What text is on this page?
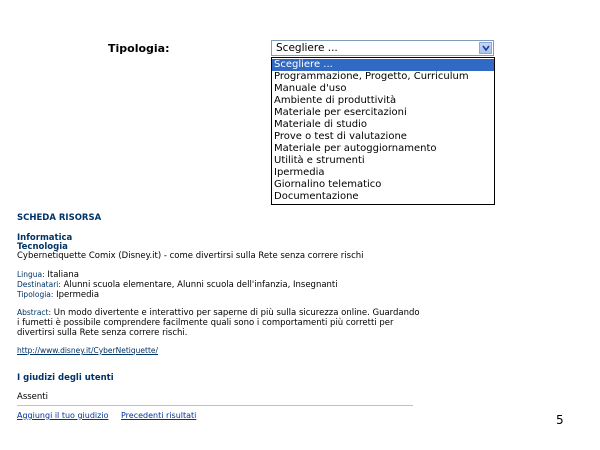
Tipologia:	Scegliere ...
Scegliere ...
Programmazione, Progetto, Curriculum
Manuale d'uso
Ambiente di produttività
Materiale per esercitazioni
Materiale di studio
Prove o test di valutazione
Materiale per autoggiornamento
Utilità e strumenti
Ipermedia
Giornalino telematico
Documentazione
SCHEDA RISORSA
Informatica
Tecnologia
Cybernetiquette Comix (Disney.it) - come divertirsi sulla Rete senza correre rischi
Lingua: Italiana
Destinatari: Alunni scuola elementare, Alunni scuola dell'infanzia, Insegnanti
Tipologia: Ipermedia
Abstract: Un modo divertente e interattivo per saperne di più sulla sicurezza online. Guardando
i fumetti è possibile comprendere facilmente quali sono i comportamenti più corretti per
divertirsi sulla Rete senza correre rischi.
http://www.disney.it/CyberNetiquette/
I giudizi degli utenti
Assenti
Aggiungi il tuo giudizio Precedenti risultati	5
